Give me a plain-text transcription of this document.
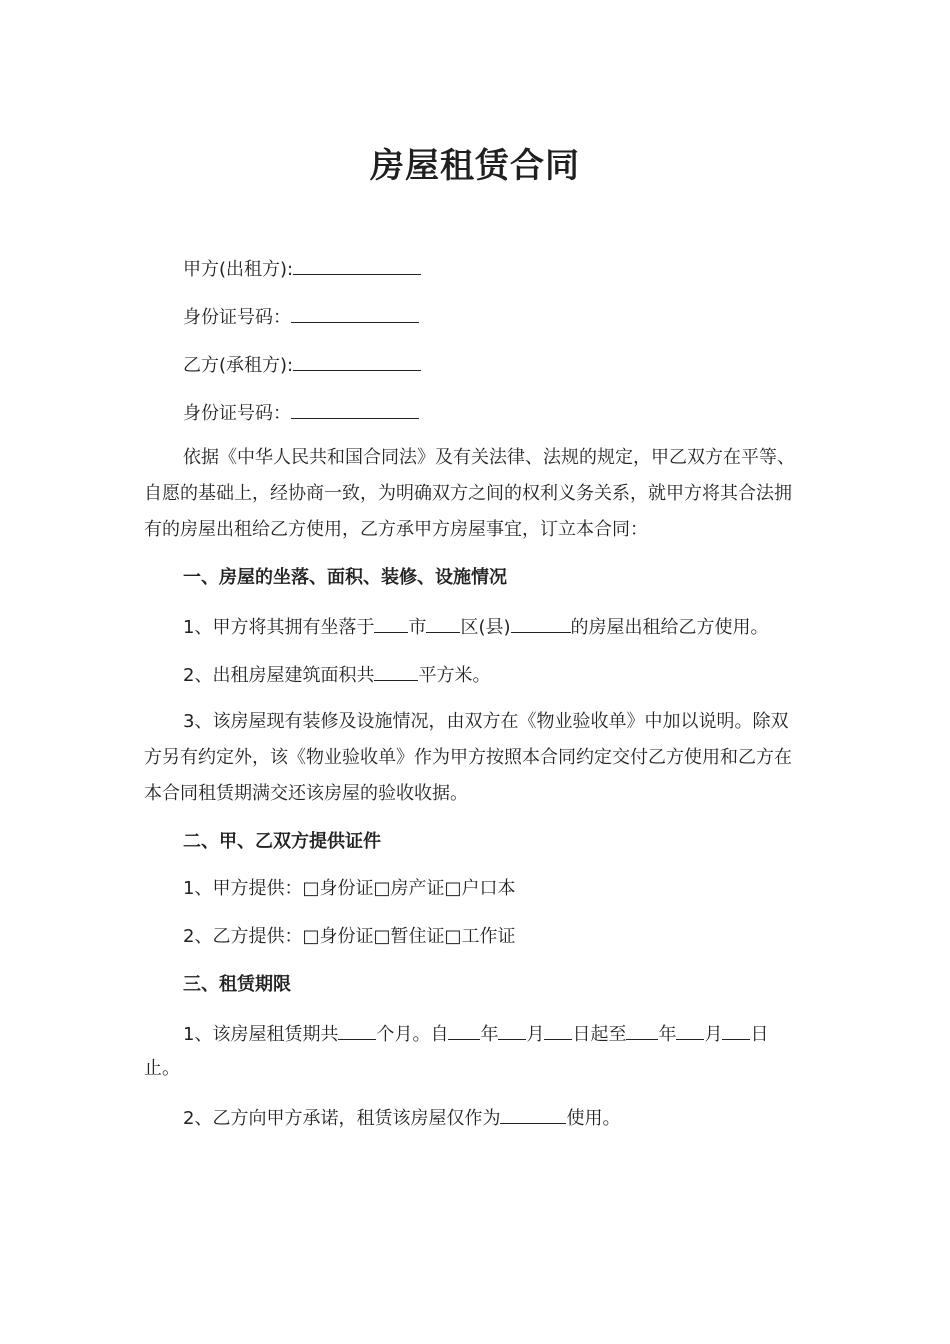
房屋租赁合同
甲方(出租方):
身份证号码：
乙方(承租方):
身份证号码：
依据《中华人民共和国合同法》及有关法律、法规的规定，甲乙双方在平等、自愿的基础上，经协商一致，为明确双方之间的权利义务关系，就甲方将其合法拥有的房屋出租给乙方使用，乙方承甲方房屋事宜，订立本合同：
一、房屋的坐落、面积、装修、设施情况
1、甲方将其拥有坐落于 市 区(县)	的房屋出租给乙方使用。
2、出租房屋建筑面积共 平方米。
3、该房屋现有装修及设施情况，由双方在《物业验收单》中加以说明。除双方另有约定外，该《物业验收单》作为甲方按照本合同约定交付乙方使用和乙方在本合同租赁期满交还该房屋的验收收据。
二、甲、乙双方提供证件
1、甲方提供：□身份证□房产证□户口本
2、乙方提供：□身份证□暂住证□工作证
三、租赁期限
1、该房屋租赁期共 个月。自 年 月 日起至 年 月 日
止。
2、乙方向甲方承诺，租赁该房屋仅作为	使用。
